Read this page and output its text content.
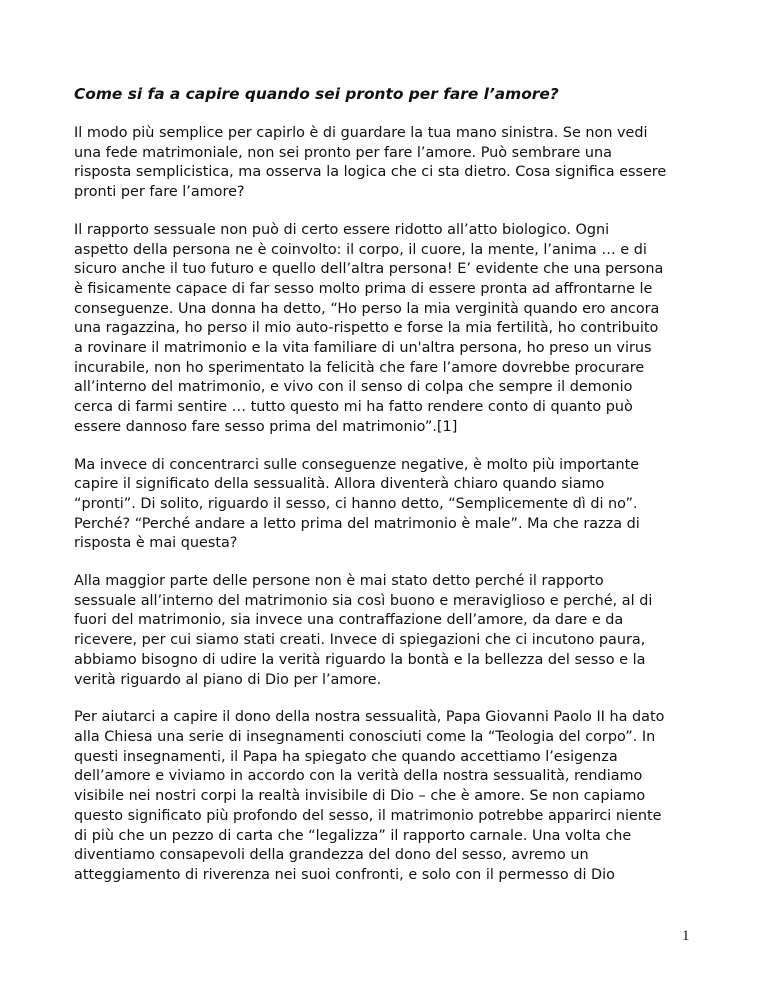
Come si fa a capire quando sei pronto per fare l’amore?
Il modo più semplice per capirlo è di guardare la tua mano sinistra. Se non vedi
una fede matrimoniale, non sei pronto per fare l’amore. Può sembrare una
risposta semplicistica, ma osserva la logica che ci sta dietro. Cosa significa essere
pronti per fare l’amore?
Il rapporto sessuale non può di certo essere ridotto all’atto biologico. Ogni
aspetto della persona ne è coinvolto: il corpo, il cuore, la mente, l’anima … e di
sicuro anche il tuo futuro e quello dell’altra persona! E’ evidente che una persona
è fisicamente capace di far sesso molto prima di essere pronta ad affrontarne le
conseguenze. Una donna ha detto, “Ho perso la mia verginità quando ero ancora
una ragazzina, ho perso il mio auto-rispetto e forse la mia fertilità, ho contribuito
a rovinare il matrimonio e la vita familiare di un'altra persona, ho preso un virus
incurabile, non ho sperimentato la felicità che fare l’amore dovrebbe procurare
all’interno del matrimonio, e vivo con il senso di colpa che sempre il demonio
cerca di farmi sentire … tutto questo mi ha fatto rendere conto di quanto può
essere dannoso fare sesso prima del matrimonio”.[1]
Ma invece di concentrarci sulle conseguenze negative, è molto più importante
capire il significato della sessualità. Allora diventerà chiaro quando siamo
“pronti”. Di solito, riguardo il sesso, ci hanno detto, “Semplicemente dì di no”.
Perché? “Perché andare a letto prima del matrimonio è male”. Ma che razza di
risposta è mai questa?
Alla maggior parte delle persone non è mai stato detto perché il rapporto
sessuale all’interno del matrimonio sia così buono e meraviglioso e perché, al di
fuori del matrimonio, sia invece una contraffazione dell’amore, da dare e da
ricevere, per cui siamo stati creati. Invece di spiegazioni che ci incutono paura,
abbiamo bisogno di udire la verità riguardo la bontà e la bellezza del sesso e la
verità riguardo al piano di Dio per l’amore.
Per aiutarci a capire il dono della nostra sessualità, Papa Giovanni Paolo II ha dato
alla Chiesa una serie di insegnamenti conosciuti come la “Teologia del corpo”. In
questi insegnamenti, il Papa ha spiegato che quando accettiamo l’esigenza
dell’amore e viviamo in accordo con la verità della nostra sessualità, rendiamo
visibile nei nostri corpi la realtà invisibile di Dio – che è amore. Se non capiamo
questo significato più profondo del sesso, il matrimonio potrebbe apparirci niente
di più che un pezzo di carta che “legalizza” il rapporto carnale. Una volta che
diventiamo consapevoli della grandezza del dono del sesso, avremo un
atteggiamento di riverenza nei suoi confronti, e solo con il permesso di Dio
1
